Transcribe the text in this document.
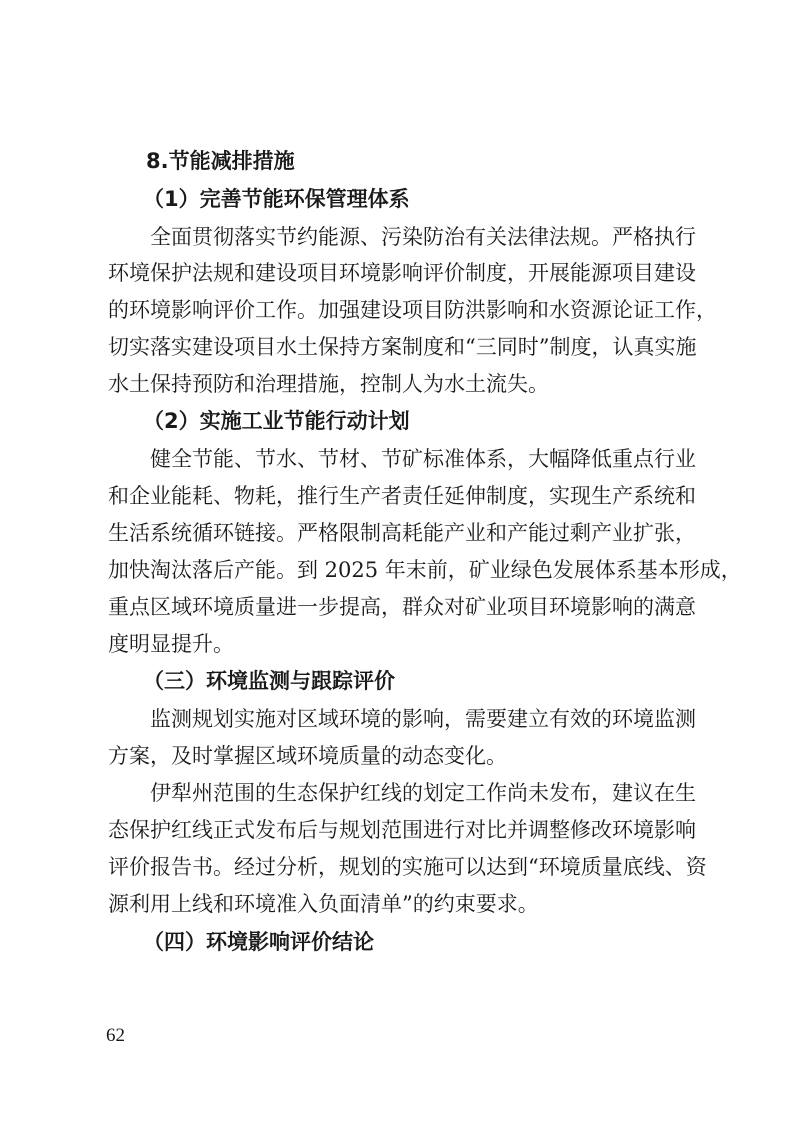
8.节能减排措施
（1）完善节能环保管理体系
全面贯彻落实节约能源、污染防治有关法律法规。严格执行
环境保护法规和建设项目环境影响评价制度，开展能源项目建设
的环境影响评价工作。加强建设项目防洪影响和水资源论证工作，
切实落实建设项目水土保持方案制度和“三同时”制度，认真实施
水土保持预防和治理措施，控制人为水土流失。
（2）实施工业节能行动计划
健全节能、节水、节材、节矿标准体系，大幅降低重点行业
和企业能耗、物耗，推行生产者责任延伸制度，实现生产系统和
生活系统循环链接。严格限制高耗能产业和产能过剩产业扩张，
加快淘汰落后产能。到 2025 年末前，矿业绿色发展体系基本形成，
重点区域环境质量进一步提高，群众对矿业项目环境影响的满意
度明显提升。
（三）环境监测与跟踪评价
监测规划实施对区域环境的影响，需要建立有效的环境监测
方案，及时掌握区域环境质量的动态变化。
伊犁州范围的生态保护红线的划定工作尚未发布，建议在生
态保护红线正式发布后与规划范围进行对比并调整修改环境影响
评价报告书。经过分析，规划的实施可以达到“环境质量底线、资
源利用上线和环境准入负面清单”的约束要求。
（四）环境影响评价结论
62
